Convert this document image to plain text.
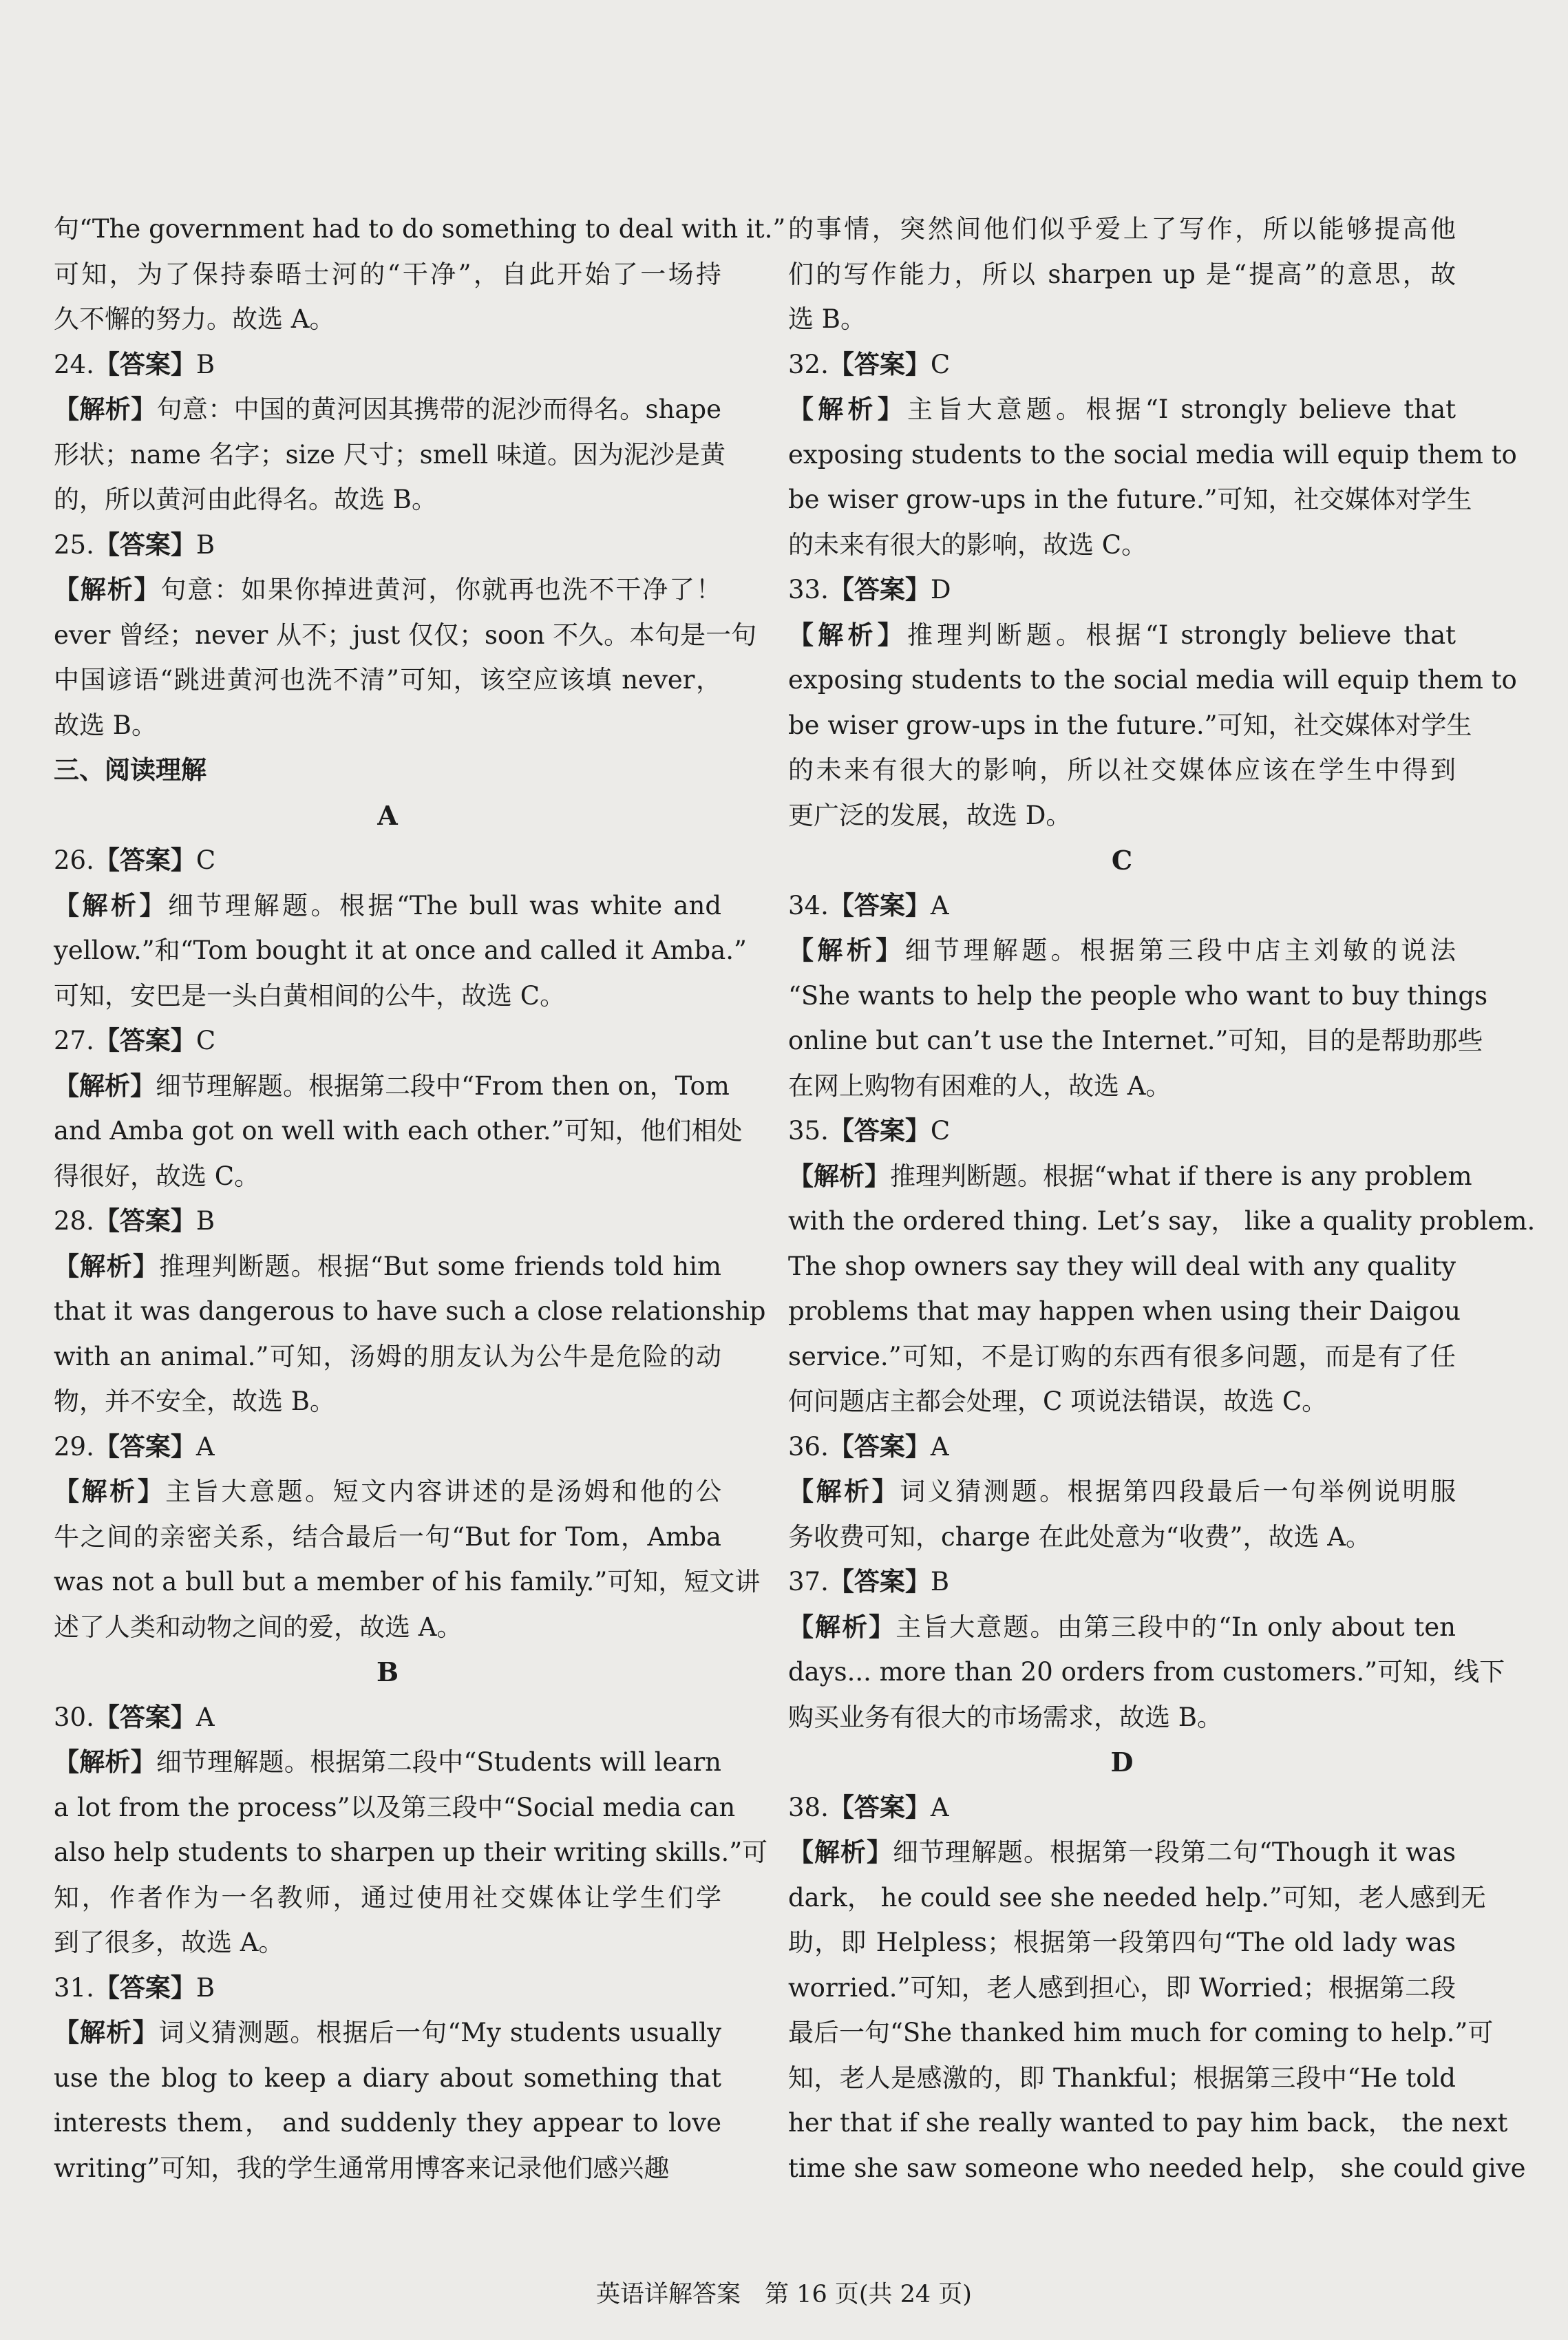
句“The government had to do something to deal with it.”
可知，为了保持泰晤士河的“干净”，自此开始了一场持
久不懈的努力。故选 A。
24.【答案】B
【解析】句意：中国的黄河因其携带的泥沙而得名。shape
形状；name 名字；size 尺寸；smell 味道。因为泥沙是黄
的，所以黄河由此得名。故选 B。
25.【答案】B
【解析】句意：如果你掉进黄河，你就再也洗不干净了！
ever 曾经；never 从不；just 仅仅；soon 不久。本句是一句
中国谚语“跳进黄河也洗不清”可知，该空应该填 never，
故选 B。
三、阅读理解
A
26.【答案】C
【解析】细节理解题。根据“The bull was white and
yellow.”和“Tom bought it at once and called it Amba.”
可知，安巴是一头白黄相间的公牛，故选 C。
27.【答案】C
【解析】细节理解题。根据第二段中“From then on，Tom
and Amba got on well with each other.”可知，他们相处
得很好，故选 C。
28.【答案】B
【解析】推理判断题。根据“But some friends told him
that it was dangerous to have such a close relationship
with an animal.”可知，汤姆的朋友认为公牛是危险的动
物，并不安全，故选 B。
29.【答案】A
【解析】主旨大意题。短文内容讲述的是汤姆和他的公
牛之间的亲密关系，结合最后一句“But for Tom，Amba
was not a bull but a member of his family.”可知，短文讲
述了人类和动物之间的爱，故选 A。
B
30.【答案】A
【解析】细节理解题。根据第二段中“Students will learn
a lot from the process”以及第三段中“Social media can
also help students to sharpen up their writing skills.”可
知，作者作为一名教师，通过使用社交媒体让学生们学
到了很多，故选 A。
31.【答案】B
【解析】词义猜测题。根据后一句“My students usually
use the blog to keep a diary about something that
interests them， and suddenly they appear to love
writing”可知，我的学生通常用博客来记录他们感兴趣
的事情，突然间他们似乎爱上了写作，所以能够提高他
们的写作能力，所以 sharpen up 是“提高”的意思，故
选 B。
32.【答案】C
【解析】主旨大意题。根据“I strongly believe that
exposing students to the social media will equip them to
be wiser grow-ups in the future.”可知，社交媒体对学生
的未来有很大的影响，故选 C。
33.【答案】D
【解析】推理判断题。根据“I strongly believe that
exposing students to the social media will equip them to
be wiser grow-ups in the future.”可知，社交媒体对学生
的未来有很大的影响，所以社交媒体应该在学生中得到
更广泛的发展，故选 D。
C
34.【答案】A
【解析】细节理解题。根据第三段中店主刘敏的说法
“She wants to help the people who want to buy things
online but can’t use the Internet.”可知，目的是帮助那些
在网上购物有困难的人，故选 A。
35.【答案】C
【解析】推理判断题。根据“what if there is any problem
with the ordered thing. Let’s say， like a quality problem.
The shop owners say they will deal with any quality
problems that may happen when using their Daigou
service.”可知，不是订购的东西有很多问题，而是有了任
何问题店主都会处理，C 项说法错误，故选 C。
36.【答案】A
【解析】词义猜测题。根据第四段最后一句举例说明服
务收费可知，charge 在此处意为“收费”，故选 A。
37.【答案】B
【解析】主旨大意题。由第三段中的“In only about ten
days... more than 20 orders from customers.”可知，线下
购买业务有很大的市场需求，故选 B。
D
38.【答案】A
【解析】细节理解题。根据第一段第二句“Though it was
dark， he could see she needed help.”可知，老人感到无
助，即 Helpless；根据第一段第四句“The old lady was
worried.”可知，老人感到担心，即 Worried；根据第二段
最后一句“She thanked him much for coming to help.”可
知，老人是感激的，即 Thankful；根据第三段中“He told
her that if she really wanted to pay him back， the next
time she saw someone who needed help， she could give
英语详解答案　第 16 页(共 24 页)
